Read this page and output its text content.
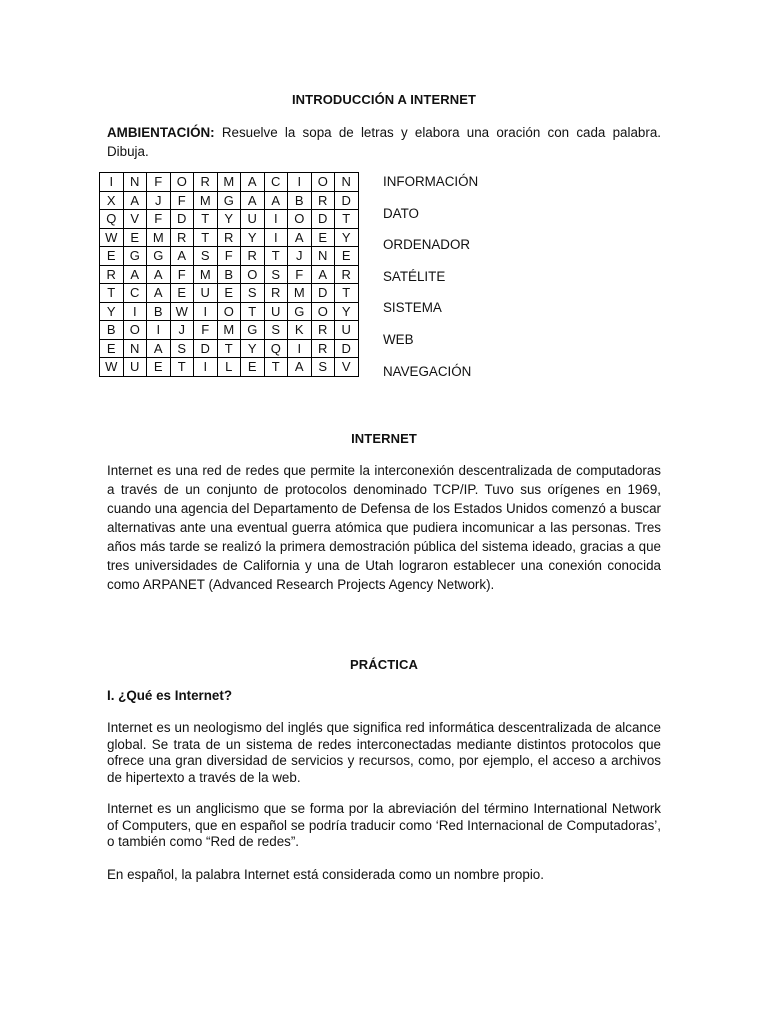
INTRODUCCIÓN A INTERNET
AMBIENTACIÓN: Resuelve la sopa de letras y elabora una oración con cada palabra. Dibuja.
I	N	F	O	R	M	A	C	I	O	N
X	A	J	F	M	G	A	A	B	R	D
Q	V	F	D	T	Y	U	I	O	D	T
W	E	M	R	T	R	Y	I	A	E	Y
E	G	G	A	S	F	R	T	J	N	E
R	A	A	F	M	B	O	S	F	A	R
T	C	A	E	U	E	S	R	M	D	T
Y	I	B	W	I	O	T	U	G	O	Y
B	O	I	J	F	M	G	S	K	R	U
E	N	A	S	D	T	Y	Q	I	R	D
W	U	E	T	I	L	E	T	A	S	V
INFORMACIÓN
DATO
ORDENADOR
SATÉLITE
SISTEMA
WEB
NAVEGACIÓN
INTERNET
Internet es una red de redes que permite la interconexión descentralizada de computadoras a través de un conjunto de protocolos denominado TCP/IP. Tuvo sus orígenes en 1969, cuando una agencia del Departamento de Defensa de los Estados Unidos comenzó a buscar alternativas ante una eventual guerra atómica que pudiera incomunicar a las personas. Tres años más tarde se realizó la primera demostración pública del sistema ideado, gracias a que tres universidades de California y una de Utah lograron establecer una conexión conocida como ARPANET (Advanced Research Projects Agency Network).
PRÁCTICA
I. ¿Qué es Internet?
Internet es un neologismo del inglés que significa red informática descentralizada de alcance global. Se trata de un sistema de redes interconectadas mediante distintos protocolos que ofrece una gran diversidad de servicios y recursos, como, por ejemplo, el acceso a archivos de hipertexto a través de la web.
Internet es un anglicismo que se forma por la abreviación del término International Network of Computers, que en español se podría traducir como ‘Red Internacional de Computadoras’, o también como “Red de redes”.
En español, la palabra Internet está considerada como un nombre propio.
